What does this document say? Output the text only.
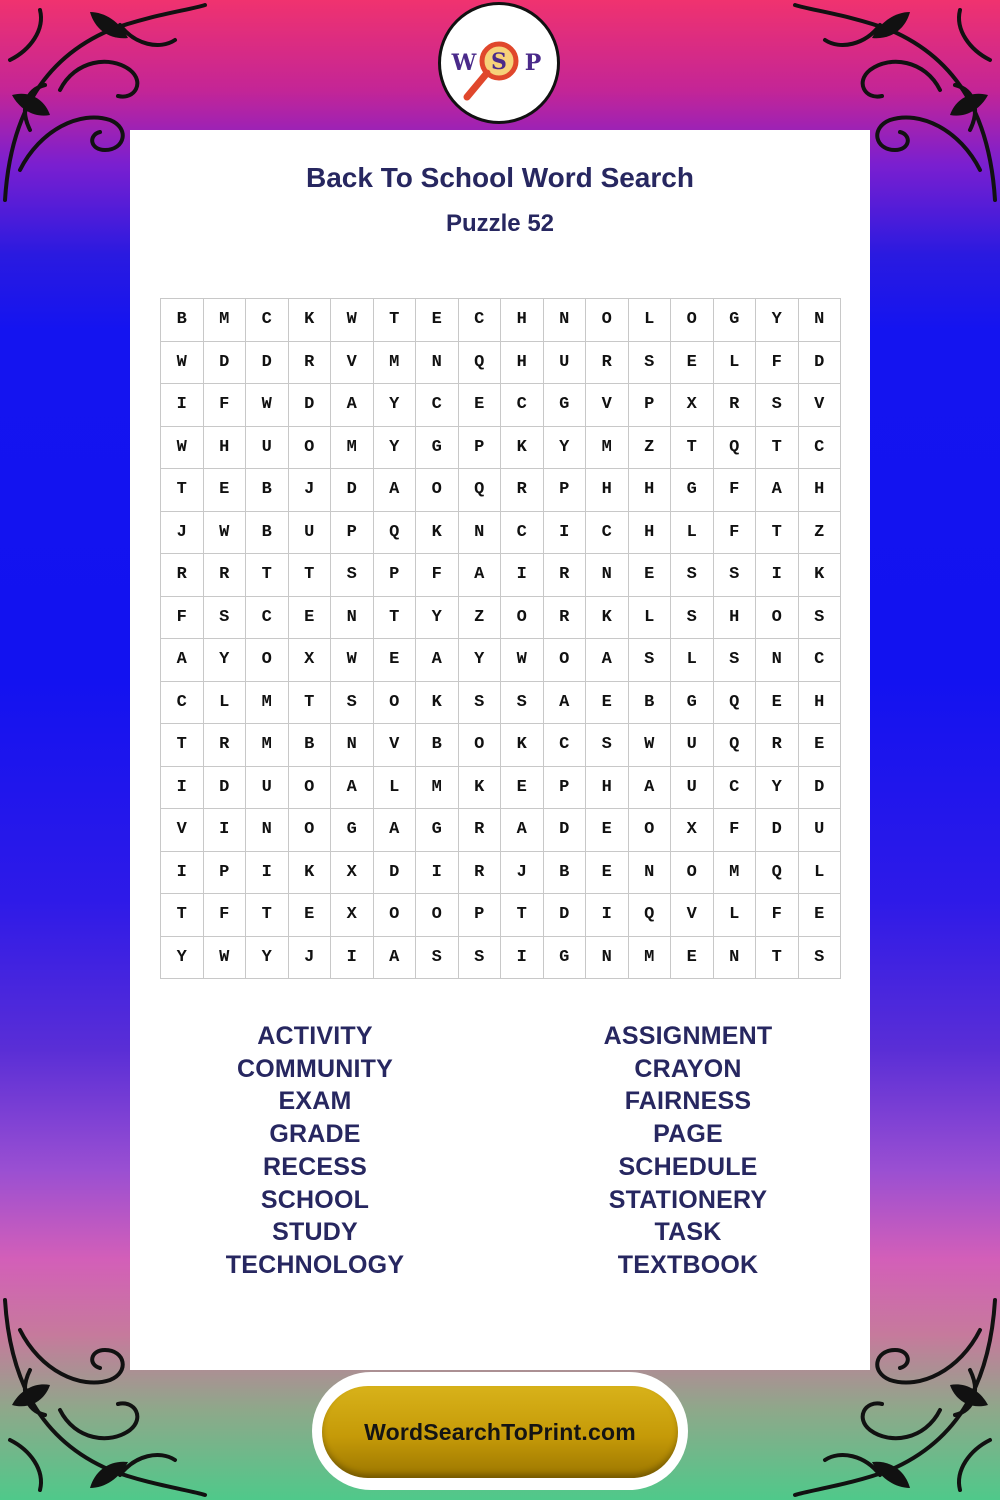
W S P
Back To School Word Search
Puzzle 52
B	M	C	K	W	T	E	C	H	N	O	L	O	G	Y	N
W	D	D	R	V	M	N	Q	H	U	R	S	E	L	F	D
I	F	W	D	A	Y	C	E	C	G	V	P	X	R	S	V
W	H	U	O	M	Y	G	P	K	Y	M	Z	T	Q	T	C
T	E	B	J	D	A	O	Q	R	P	H	H	G	F	A	H
J	W	B	U	P	Q	K	N	C	I	C	H	L	F	T	Z
R	R	T	T	S	P	F	A	I	R	N	E	S	S	I	K
F	S	C	E	N	T	Y	Z	O	R	K	L	S	H	O	S
A	Y	O	X	W	E	A	Y	W	O	A	S	L	S	N	C
C	L	M	T	S	O	K	S	S	A	E	B	G	Q	E	H
T	R	M	B	N	V	B	O	K	C	S	W	U	Q	R	E
I	D	U	O	A	L	M	K	E	P	H	A	U	C	Y	D
V	I	N	O	G	A	G	R	A	D	E	O	X	F	D	U
I	P	I	K	X	D	I	R	J	B	E	N	O	M	Q	L
T	F	T	E	X	O	O	P	T	D	I	Q	V	L	F	E
Y	W	Y	J	I	A	S	S	I	G	N	M	E	N	T	S
ACTIVITY
COMMUNITY
EXAM
GRADE
RECESS
SCHOOL
STUDY
TECHNOLOGY
ASSIGNMENT
CRAYON
FAIRNESS
PAGE
SCHEDULE
STATIONERY
TASK
TEXTBOOK
WordSearchToPrint.com
